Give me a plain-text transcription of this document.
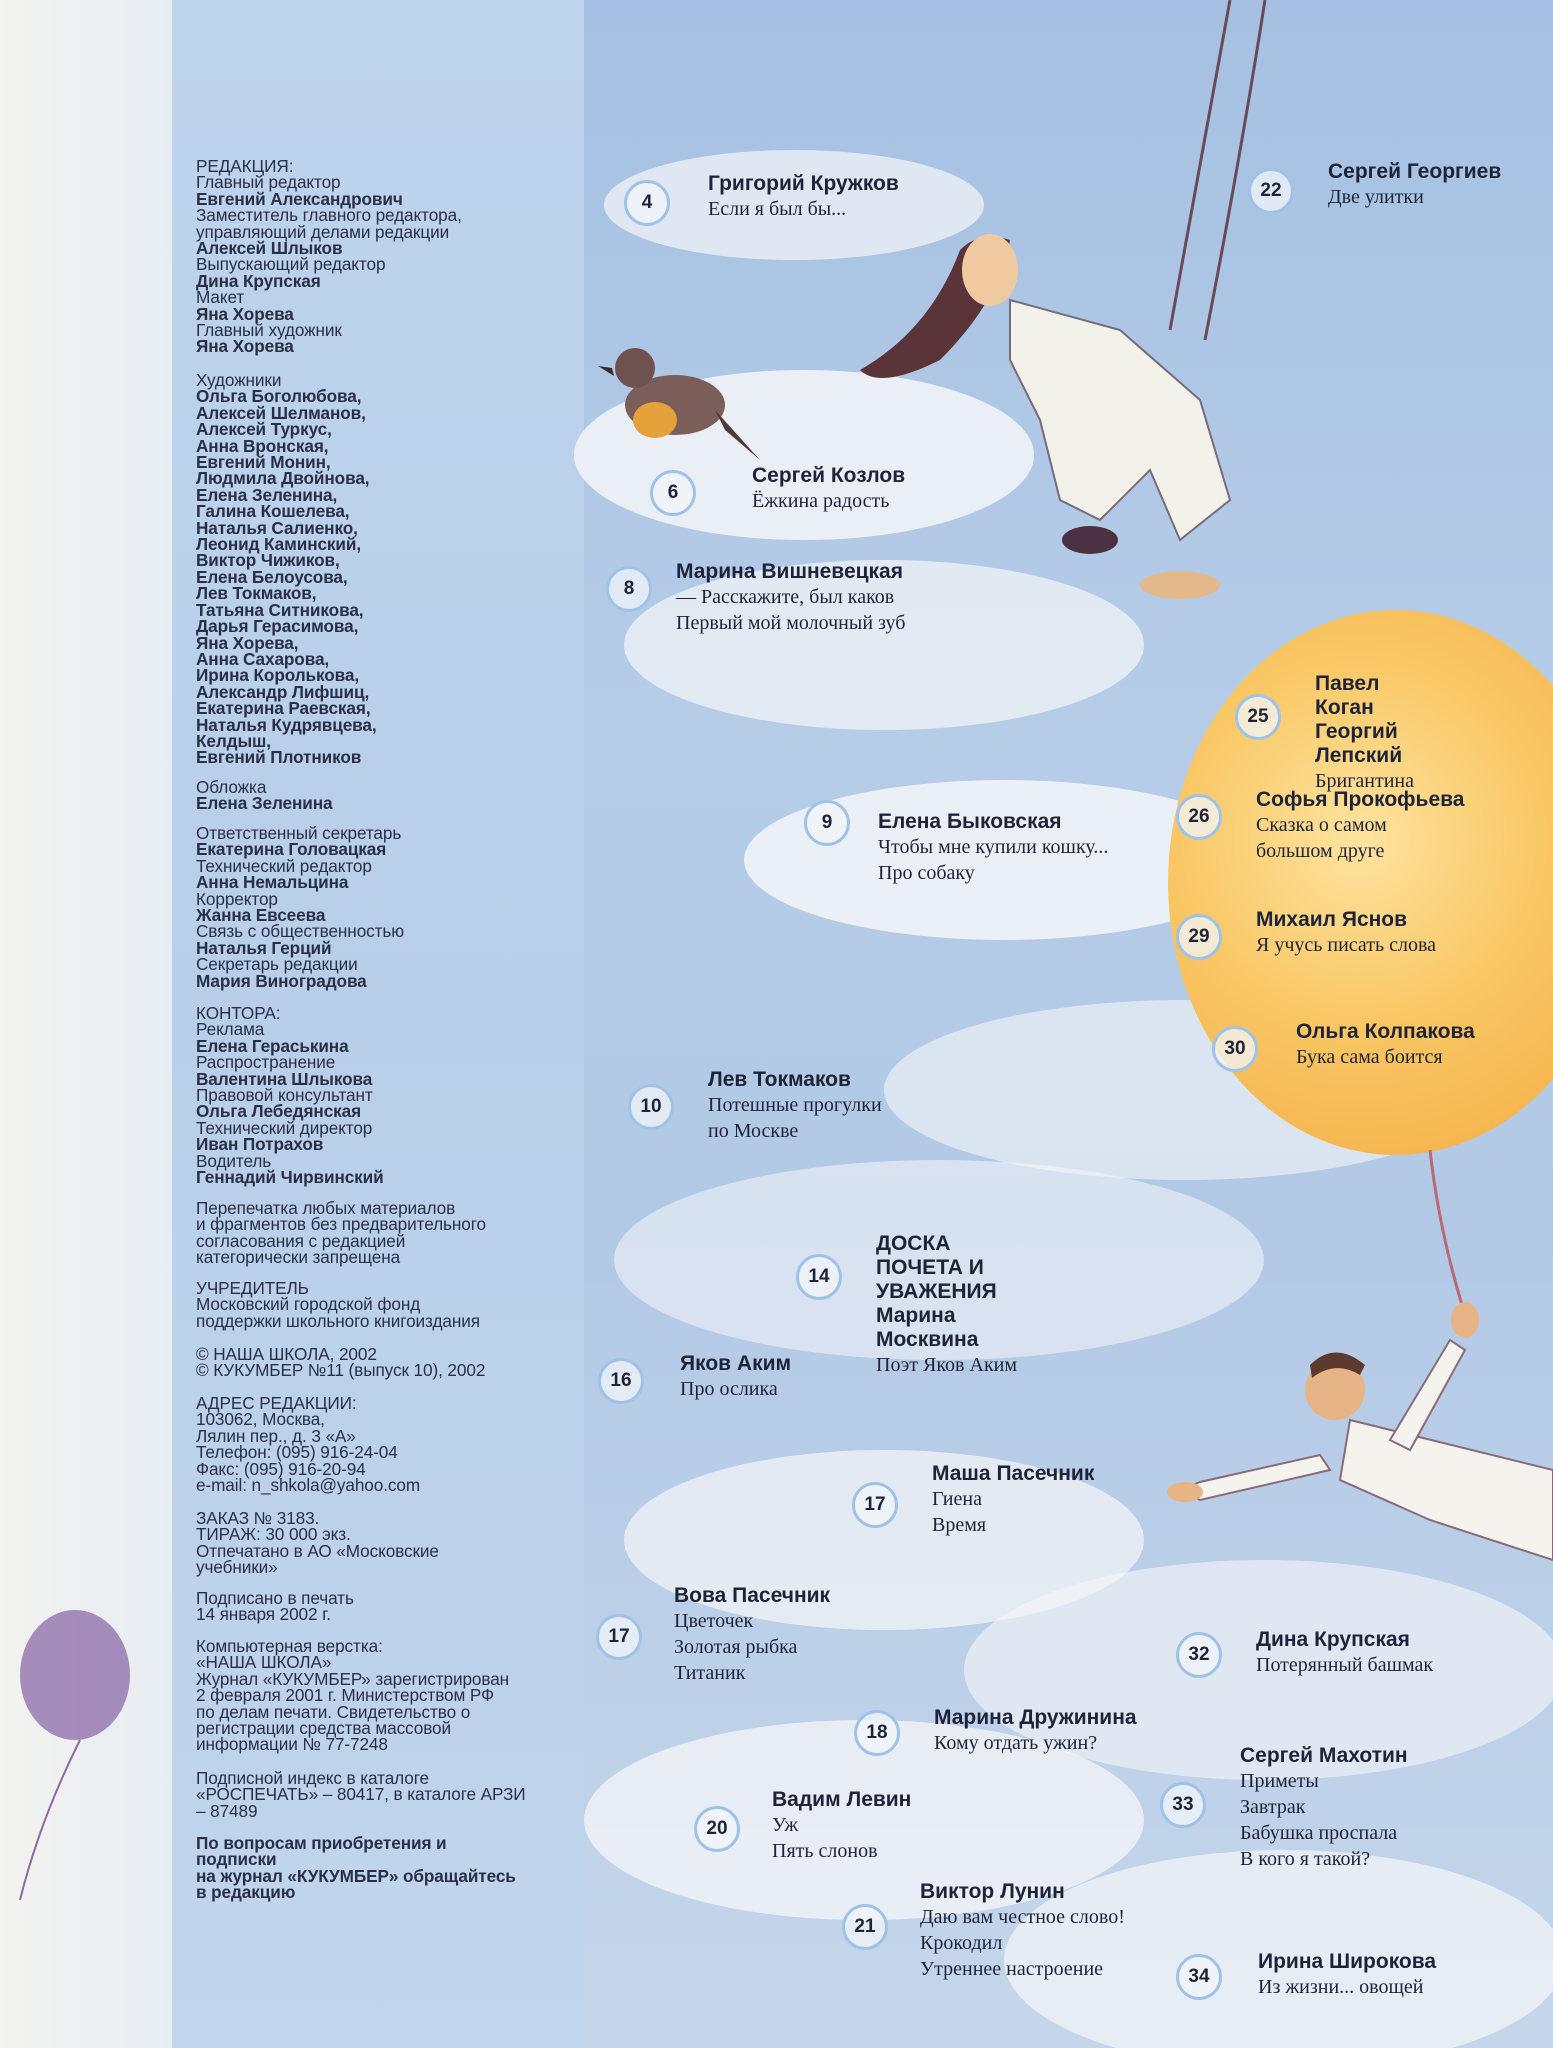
РЕДАКЦИЯ:
Главный редактор
Евгений Александрович
Заместитель главного редактора,
управляющий делами редакции
Алексей Шлыков
Выпускающий редактор
Дина Крупская
Макет
Яна Хорева
Главный художник
Яна Хорева
Художники
Ольга Боголюбова,
Алексей Шелманов,
Алексей Туркус,
Анна Вронская,
Евгений Монин,
Людмила Двойнова,
Елена Зеленина,
Галина Кошелева,
Наталья Салиенко,
Леонид Каминский,
Виктор Чижиков,
Елена Белоусова,
Лев Токмаков,
Татьяна Ситникова,
Дарья Герасимова,
Яна Хорева,
Анна Сахарова,
Ирина Королькова,
Александр Лифшиц,
Екатерина Раевская,
Наталья Кудрявцева,
Келдыш,
Евгений Плотников
Обложка
Елена Зеленина
Ответственный секретарь
Екатерина Головацкая
Технический редактор
Анна Немальцина
Корректор
Жанна Евсеева
Связь с общественностью
Наталья Герций
Секретарь редакции
Мария Виноградова
КОНТОРА:
Реклама
Елена Гераськина
Распространение
Валентина Шлыкова
Правовой консультант
Ольга Лебедянская
Технический директор
Иван Потрахов
Водитель
Геннадий Чирвинский
Перепечатка любых материалов
и фрагментов без предварительного
согласования с редакцией
категорически запрещена
УЧРЕДИТЕЛЬ
Московский городской фонд
поддержки школьного книгоиздания
© НАША ШКОЛА, 2002
© КУКУМБЕР №11 (выпуск 10), 2002
АДРЕС РЕДАКЦИИ:
103062, Москва,
Лялин пер., д. 3 «А»
Телефон: (095) 916-24-04
Факс: (095) 916-20-94
e-mail: n_shkola@yahoo.com
ЗАКАЗ № 3183.
ТИРАЖ: 30 000 экз.
Отпечатано в АО «Московские
учебники»
Подписано в печать
14 января 2002 г.
Компьютерная верстка:
«НАША ШКОЛА»
Журнал «КУКУМБЕР» зарегистрирован
2 февраля 2001 г. Министерством РФ
по делам печати. Свидетельство о
регистрации средства массовой
информации № 77-7248
Подписной индекс в каталоге
«РОСПЕЧАТЬ» – 80417, в каталоге АРЗИ
– 87489
По вопросам приобретения и
подписки
на журнал «КУКУМБЕР» обращайтесь
в редакцию
4
Григорий Кружков
Если я был бы...
22
Сергей Георгиев
Две улитки
6
Сергей Козлов
Ёжкина радость
8
Марина Вишневецкая
— Расскажите, был каков
Первый мой молочный зуб
25
Павел Коган
Георгий Лепский
Бригантина
26
Софья Прокофьева
Сказка о самом
большом друге
9	Елена Быковская
Чтобы мне купили кошку...
Про собаку
29
Михаил Яснов
Я учусь писать слова
30
Ольга Колпакова
Бука сама боится
10
Лев Токмаков
Потешные прогулки
по Москве
14
ДОСКА ПОЧЕТА И УВАЖЕНИЯ
Марина Москвина
Поэт Яков Аким
16
Яков Аким
Про ослика
17
Маша Пасечник
Гиена
Время
17
Вова Пасечник
Цветочек
Золотая рыбка
Титаник
32
Дина Крупская
Потерянный башмак
18
Марина Дружинина
Кому отдать ужин?
33
Сергей Махотин
Приметы
Завтрак
Бабушка проспала
В кого я такой?
20
Вадим Левин
Уж
Пять слонов
21
Виктор Лунин
Даю вам честное слово!
Крокодил
Утреннее настроение	34
Ирина Широкова
Из жизни... овощей
